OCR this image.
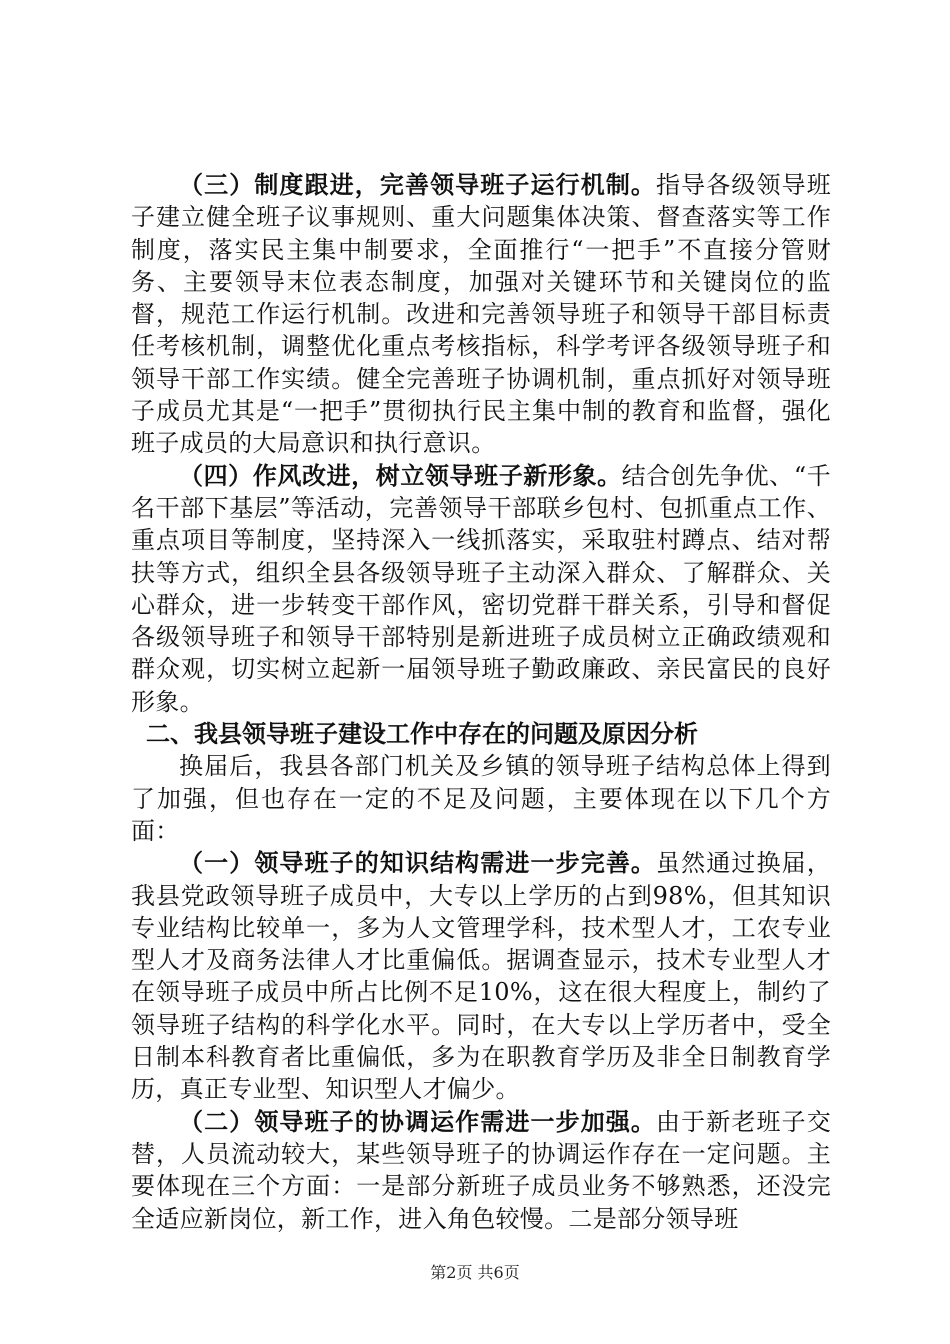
（三）制度跟进，完善领导班子运行机制。指导各级领导班子建立健全班子议事规则、重大问题集体决策、督查落实等工作制度，落实民主集中制要求，全面推行“一把手”不直接分管财务、主要领导末位表态制度，加强对关键环节和关键岗位的监督，规范工作运行机制。改进和完善领导班子和领导干部目标责任考核机制，调整优化重点考核指标，科学考评各级领导班子和领导干部工作实绩。健全完善班子协调机制，重点抓好对领导班子成员尤其是“一把手”贯彻执行民主集中制的教育和监督，强化班子成员的大局意识和执行意识。

（四）作风改进，树立领导班子新形象。结合创先争优、“千名干部下基层”等活动，完善领导干部联乡包村、包抓重点工作、重点项目等制度，坚持深入一线抓落实，采取驻村蹲点、结对帮扶等方式，组织全县各级领导班子主动深入群众、了解群众、关心群众，进一步转变干部作风，密切党群干群关系，引导和督促各级领导班子和领导干部特别是新进班子成员树立正确政绩观和群众观，切实树立起新一届领导班子勤政廉政、亲民富民的良好形象。

二、我县领导班子建设工作中存在的问题及原因分析

换届后，我县各部门机关及乡镇的领导班子结构总体上得到了加强，但也存在一定的不足及问题，主要体现在以下几个方面：

（一）领导班子的知识结构需进一步完善。虽然通过换届，我县党政领导班子成员中，大专以上学历的占到98%，但其知识专业结构比较单一，多为人文管理学科，技术型人才，工农专业型人才及商务法律人才比重偏低。据调查显示，技术专业型人才在领导班子成员中所占比例不足10%，这在很大程度上，制约了领导班子结构的科学化水平。同时，在大专以上学历者中，受全日制本科教育者比重偏低，多为在职教育学历及非全日制教育学历，真正专业型、知识型人才偏少。

（二）领导班子的协调运作需进一步加强。由于新老班子交替，人员流动较大，某些领导班子的协调运作存在一定问题。主要体现在三个方面：一是部分新班子成员业务不够熟悉，还没完全适应新岗位，新工作，进入角色较慢。二是部分领导班

第2页 共6页
